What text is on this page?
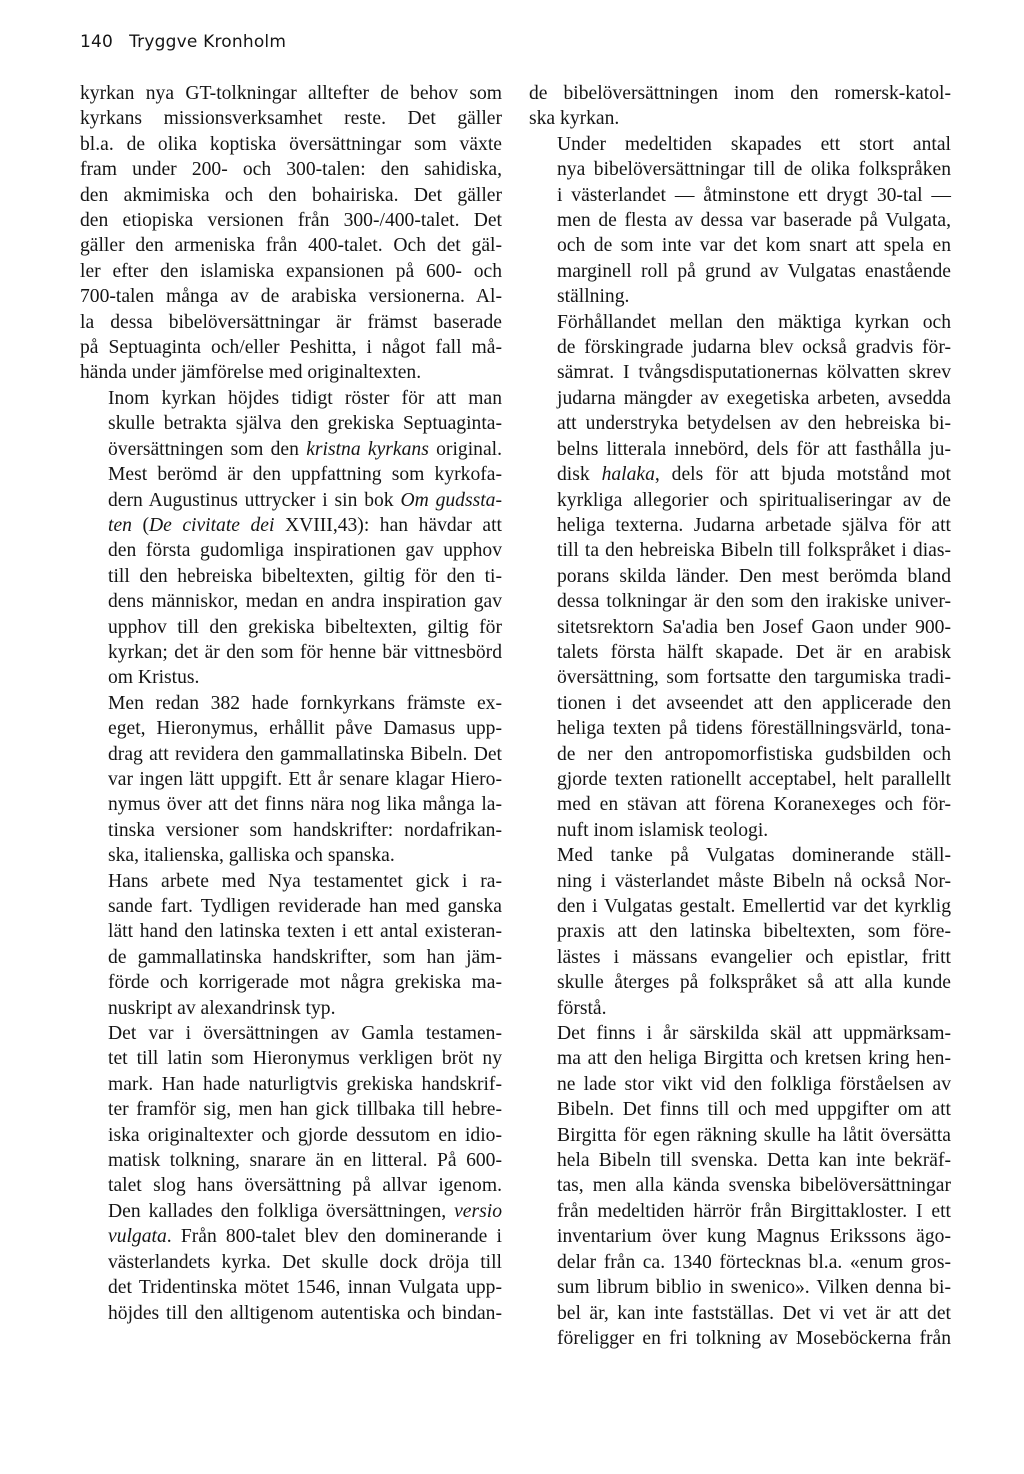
140 Tryggve Kronholm

kyrkan nya GT-tolkningar alltefter de behov som
kyrkans missionsverksamhet reste. Det gäller
bl.a. de olika koptiska översättningar som växte
fram under 200- och 300-talen: den sahidiska,
den akmimiska och den bohairiska. Det gäller
den etiopiska versionen från 300-/400-talet. Det
gäller den armeniska från 400-talet. Och det gäl-
ler efter den islamiska expansionen på 600- och
700-talen många av de arabiska versionerna. Al-
la dessa bibelöversättningar är främst baserade
på Septuaginta och/eller Peshitta, i något fall må-
hända under jämförelse med originaltexten.

Inom kyrkan höjdes tidigt röster för att man
skulle betrakta själva den grekiska Septuaginta-
översättningen som den kristna kyrkans original.
Mest berömd är den uppfattning som kyrkofa-
dern Augustinus uttrycker i sin bok Om gudssta-
ten (De civitate dei XVIII,43): han hävdar att
den första gudomliga inspirationen gav upphov
till den hebreiska bibeltexten, giltig för den ti-
dens människor, medan en andra inspiration gav
upphov till den grekiska bibeltexten, giltig för
kyrkan; det är den som för henne bär vittnesbörd
om Kristus.

Men redan 382 hade fornkyrkans främste ex-
eget, Hieronymus, erhållit påve Damasus upp-
drag att revidera den gammallatinska Bibeln. Det
var ingen lätt uppgift. Ett år senare klagar Hiero-
nymus över att det finns nära nog lika många la-
tinska versioner som handskrifter: nordafrikan-
ska, italienska, galliska och spanska.

Hans arbete med Nya testamentet gick i ra-
sande fart. Tydligen reviderade han med ganska
lätt hand den latinska texten i ett antal existeran-
de gammallatinska handskrifter, som han jäm-
förde och korrigerade mot några grekiska ma-
nuskript av alexandrinsk typ.

Det var i översättningen av Gamla testamen-
tet till latin som Hieronymus verkligen bröt ny
mark. Han hade naturligtvis grekiska handskrif-
ter framför sig, men han gick tillbaka till hebre-
iska originaltexter och gjorde dessutom en idio-
matisk tolkning, snarare än en litteral. På 600-
talet slog hans översättning på allvar igenom.
Den kallades den folkliga översättningen, versio
vulgata. Från 800-talet blev den dominerande i
västerlandets kyrka. Det skulle dock dröja till
det Tridentinska mötet 1546, innan Vulgata upp-
höjdes till den alltigenom autentiska och bindan-

de bibelöversättningen inom den romersk-katol-
ska kyrkan.

Under medeltiden skapades ett stort antal
nya bibelöversättningar till de olika folkspråken
i västerlandet — åtminstone ett drygt 30-tal —
men de flesta av dessa var baserade på Vulgata,
och de som inte var det kom snart att spela en
marginell roll på grund av Vulgatas enastående
ställning.

Förhållandet mellan den mäktiga kyrkan och
de förskingrade judarna blev också gradvis för-
sämrat. I tvångsdisputationernas kölvatten skrev
judarna mängder av exegetiska arbeten, avsedda
att understryka betydelsen av den hebreiska bi-
belns litterala innebörd, dels för att fasthålla ju-
disk halaka, dels för att bjuda motstånd mot
kyrkliga allegorier och spiritualiseringar av de
heliga texterna. Judarna arbetade själva för att
till ta den hebreiska Bibeln till folkspråket i dias-
porans skilda länder. Den mest berömda bland
dessa tolkningar är den som den irakiske univer-
sitetsrektorn Sa'adia ben Josef Gaon under 900-
talets första hälft skapade. Det är en arabisk
översättning, som fortsatte den targumiska tradi-
tionen i det avseendet att den applicerade den
heliga texten på tidens föreställningsvärld, tona-
de ner den antropomorfistiska gudsbilden och
gjorde texten rationellt acceptabel, helt parallellt
med en stävan att förena Koranexeges och för-
nuft inom islamisk teologi.

Med tanke på Vulgatas dominerande ställ-
ning i västerlandet måste Bibeln nå också Nor-
den i Vulgatas gestalt. Emellertid var det kyrklig
praxis att den latinska bibeltexten, som före-
lästes i mässans evangelier och epistlar, fritt
skulle återges på folkspråket så att alla kunde
förstå.

Det finns i år särskilda skäl att uppmärksam-
ma att den heliga Birgitta och kretsen kring hen-
ne lade stor vikt vid den folkliga förståelsen av
Bibeln. Det finns till och med uppgifter om att
Birgitta för egen räkning skulle ha låtit översätta
hela Bibeln till svenska. Detta kan inte bekräf-
tas, men alla kända svenska bibelöversättningar
från medeltiden härrör från Birgittakloster. I ett
inventarium över kung Magnus Erikssons ägo-
delar från ca. 1340 förtecknas bl.a. «enum gros-
sum librum biblio in swenico». Vilken denna bi-
bel är, kan inte fastställas. Det vi vet är att det
föreligger en fri tolkning av Moseböckerna från
